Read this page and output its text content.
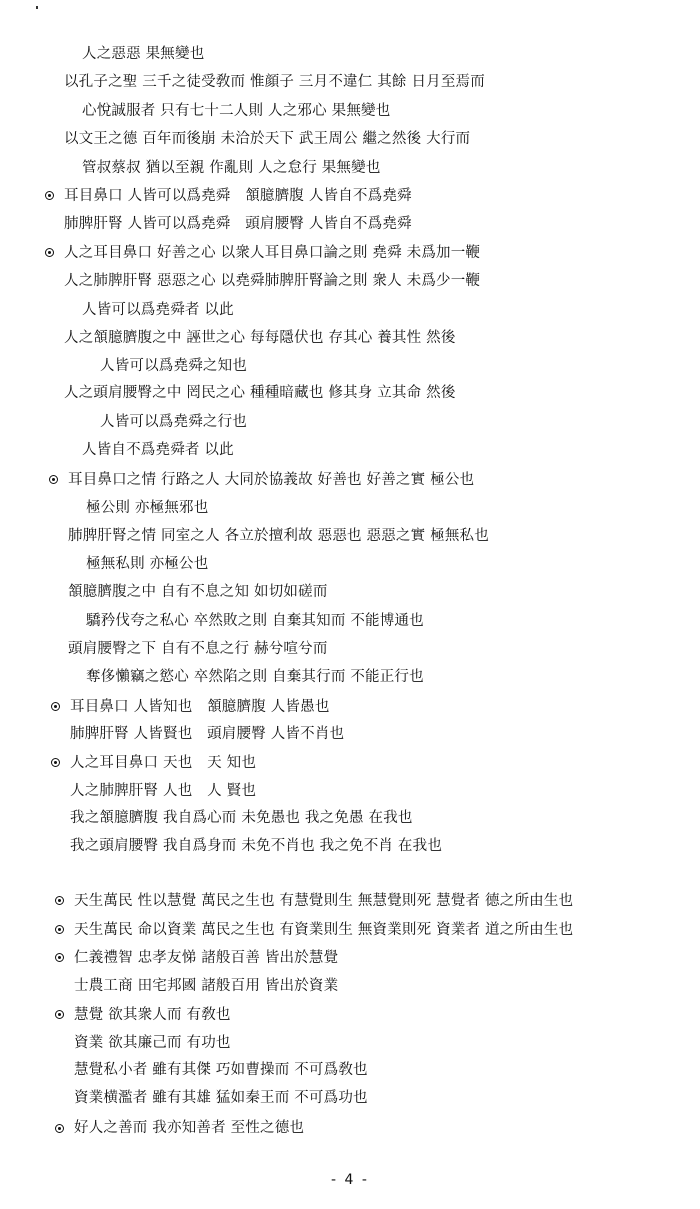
人之惡惡 果無變也
以孔子之聖 三千之徒受敎而 惟顔子 三月不違仁 其餘 日月至焉而
心悅誠服者 只有七十二人則 人之邪心 果無變也
以文王之德 百年而後崩 未洽於天下 武王周公 繼之然後 大行而
管叔蔡叔 猶以至親 作亂則 人之怠行 果無變也
耳目鼻口 人皆可以爲堯舜　頷臆臍腹 人皆自不爲堯舜
肺脾肝腎 人皆可以爲堯舜　頭肩腰臀 人皆自不爲堯舜
人之耳目鼻口 好善之心 以衆人耳目鼻口論之則 堯舜 未爲加一鞭
人之肺脾肝腎 惡惡之心 以堯舜肺脾肝腎論之則 衆人 未爲少一鞭
人皆可以爲堯舜者 以此
人之頷臆臍腹之中 誣世之心 每每隱伏也 存其心 養其性 然後
人皆可以爲堯舜之知也
人之頭肩腰臀之中 罔民之心 種種暗藏也 修其身 立其命 然後
人皆可以爲堯舜之行也
人皆自不爲堯舜者 以此
耳目鼻口之情 行路之人 大同於協義故 好善也 好善之實 極公也
極公則 亦極無邪也
肺脾肝腎之情 同室之人 各立於擅利故 惡惡也 惡惡之實 極無私也
極無私則 亦極公也
頷臆臍腹之中 自有不息之知 如切如磋而
驕矜伐夸之私心 卒然敗之則 自棄其知而 不能博通也
頭肩腰臀之下 自有不息之行 赫兮喧兮而
奪侈懶竊之慾心 卒然陷之則 自棄其行而 不能正行也
耳目鼻口 人皆知也　頷臆臍腹 人皆愚也
肺脾肝腎 人皆賢也　頭肩腰臀 人皆不肖也
人之耳目鼻口 天也　天 知也
人之肺脾肝腎 人也　人 賢也
我之頷臆臍腹 我自爲心而 未免愚也 我之免愚 在我也
我之頭肩腰臀 我自爲身而 未免不肖也 我之免不肖 在我也
天生萬民 性以慧覺 萬民之生也 有慧覺則生 無慧覺則死 慧覺者 德之所由生也
天生萬民 命以資業 萬民之生也 有資業則生 無資業則死 資業者 道之所由生也
仁義禮智 忠孝友悌 諸般百善 皆出於慧覺
士農工商 田宅邦國 諸般百用 皆出於資業
慧覺 欲其衆人而 有敎也
資業 欲其廉己而 有功也
慧覺私小者 雖有其傑 巧如曹操而 不可爲敎也
資業横濫者 雖有其雄 猛如秦王而 不可爲功也
好人之善而 我亦知善者 至性之德也
- 4 -
